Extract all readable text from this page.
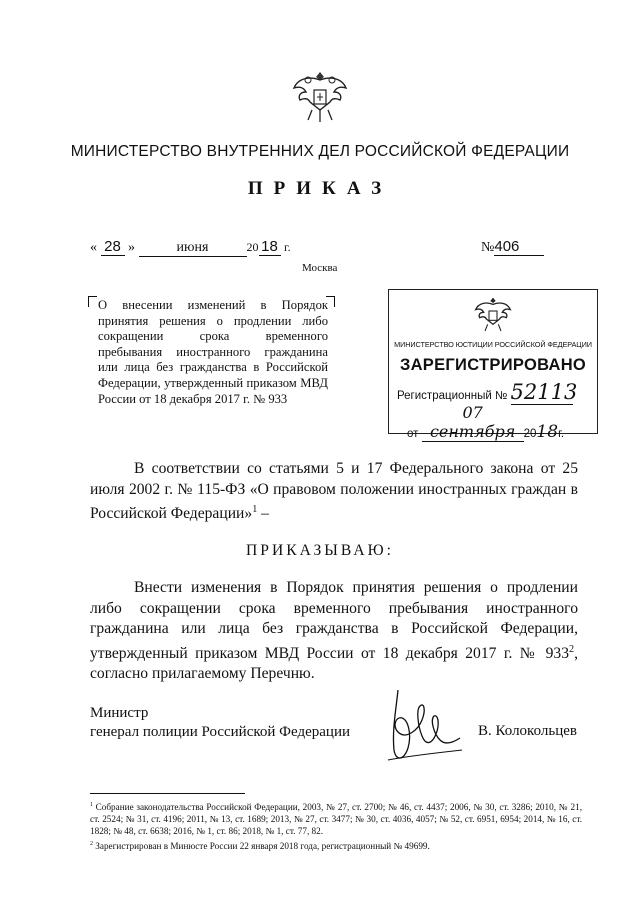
МИНИСТЕРСТВО ВНУТРЕННИХ ДЕЛ РОССИЙСКОЙ ФЕДЕРАЦИИ
ПРИКАЗ
« 28 »	июня	20 18 г.	№406
Москва
О внесении изменений в Порядок принятия решения о продлении либо сокращении срока временного пребывания иностранного гражданина или лица без гражданства в Российской Федерации, утвержденный приказом МВД России от 18 декабря 2017 г. № 933
МИНИСТЕРСТВО ЮСТИЦИИ РОССИЙСКОЙ ФЕДЕРАЦИИ
ЗАРЕГИСТРИРОВАНО
Регистрационный № 52113
от 07 сентября 2018г.
В соответствии со статьями 5 и 17 Федерального закона от 25 июля 2002 г. № 115-ФЗ «О правовом положении иностранных граждан в Российской Федерации»$^1$ –
ПРИКАЗЫВАЮ:
Внести изменения в Порядок принятия решения о продлении либо сокращении срока временного пребывания иностранного гражданина или лица без гражданства в Российской Федерации, утвержденный приказом МВД России от 18 декабря 2017 г. № $933^2$, согласно прилагаемому Перечню.
Министр
генерал полиции Российской Федерации	В. Колокольцев
$^1$ Собрание законодательства Российской Федерации, 2003, № 27, ст. 2700; № 46, ст. 4437; 2006, № 30, ст. 3286; 2010, № 21, ст. 2524; № 31, ст. 4196; 2011, № 13, ст. 1689; 2013, № 27, ст. 3477; № 30, ст. 4036, 4057; № 52, ст. 6951, 6954; 2014, № 16, ст. 1828; № 48, ст. 6638; 2016, № 1, ст. 86; 2018, № 1, ст. 77, 82.
$^2$ Зарегистрирован в Минюсте России 22 января 2018 года, регистрационный № 49699.
